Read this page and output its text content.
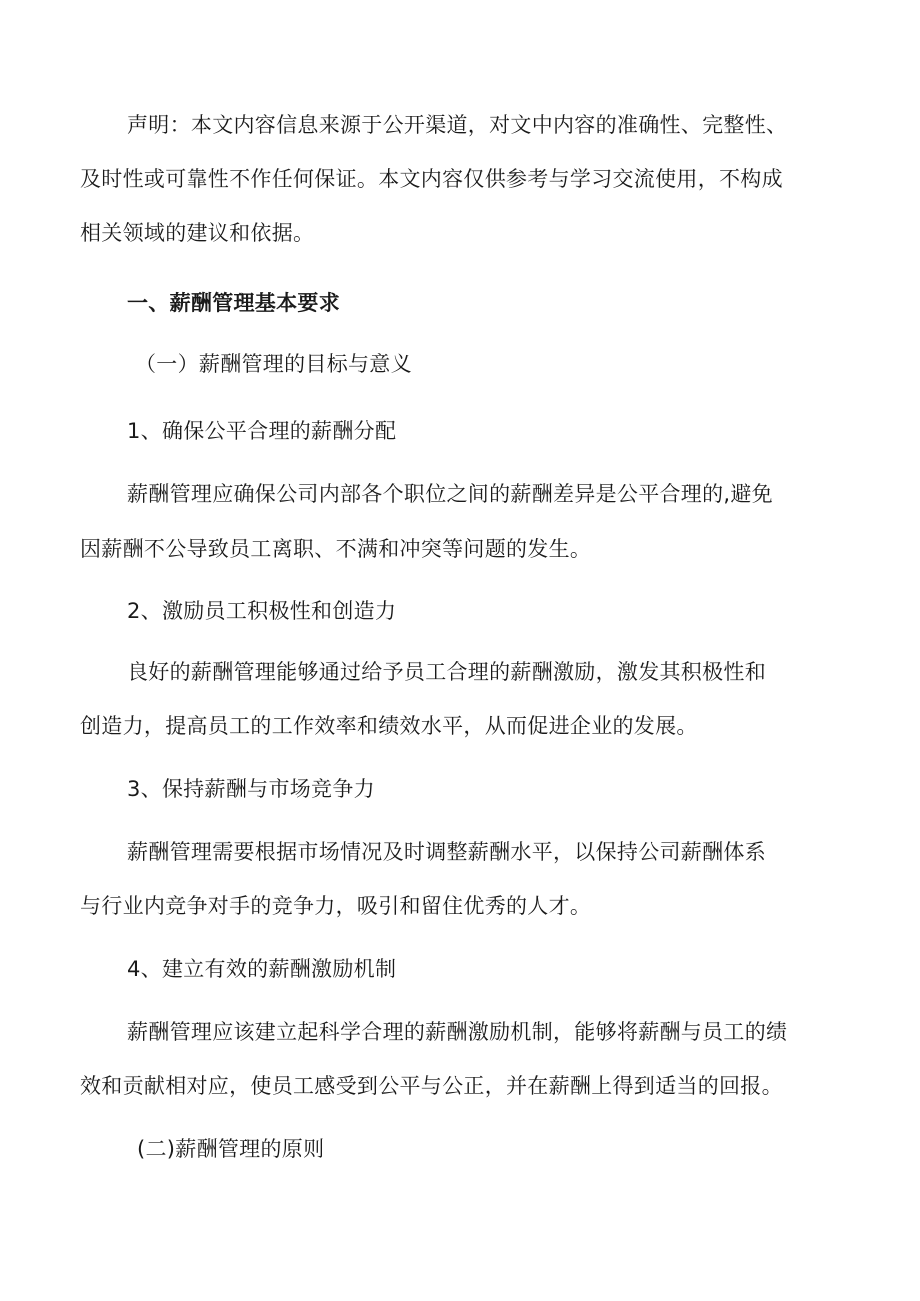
声明：本文内容信息来源于公开渠道，对文中内容的准确性、完整性、
及时性或可靠性不作任何保证。本文内容仅供参考与学习交流使用，不构成
相关领域的建议和依据。
一、薪酬管理基本要求
（一）薪酬管理的目标与意义
1、确保公平合理的薪酬分配
薪酬管理应确保公司内部各个职位之间的薪酬差异是公平合理的,避免
因薪酬不公导致员工离职、不满和冲突等问题的发生。
2、激励员工积极性和创造力
良好的薪酬管理能够通过给予员工合理的薪酬激励，激发其积极性和
创造力，提高员工的工作效率和绩效水平，从而促进企业的发展。
3、保持薪酬与市场竞争力
薪酬管理需要根据市场情况及时调整薪酬水平，以保持公司薪酬体系
与行业内竞争对手的竞争力，吸引和留住优秀的人才。
4、建立有效的薪酬激励机制
薪酬管理应该建立起科学合理的薪酬激励机制，能够将薪酬与员工的绩
效和贡献相对应，使员工感受到公平与公正，并在薪酬上得到适当的回报。
(二)薪酬管理的原则
